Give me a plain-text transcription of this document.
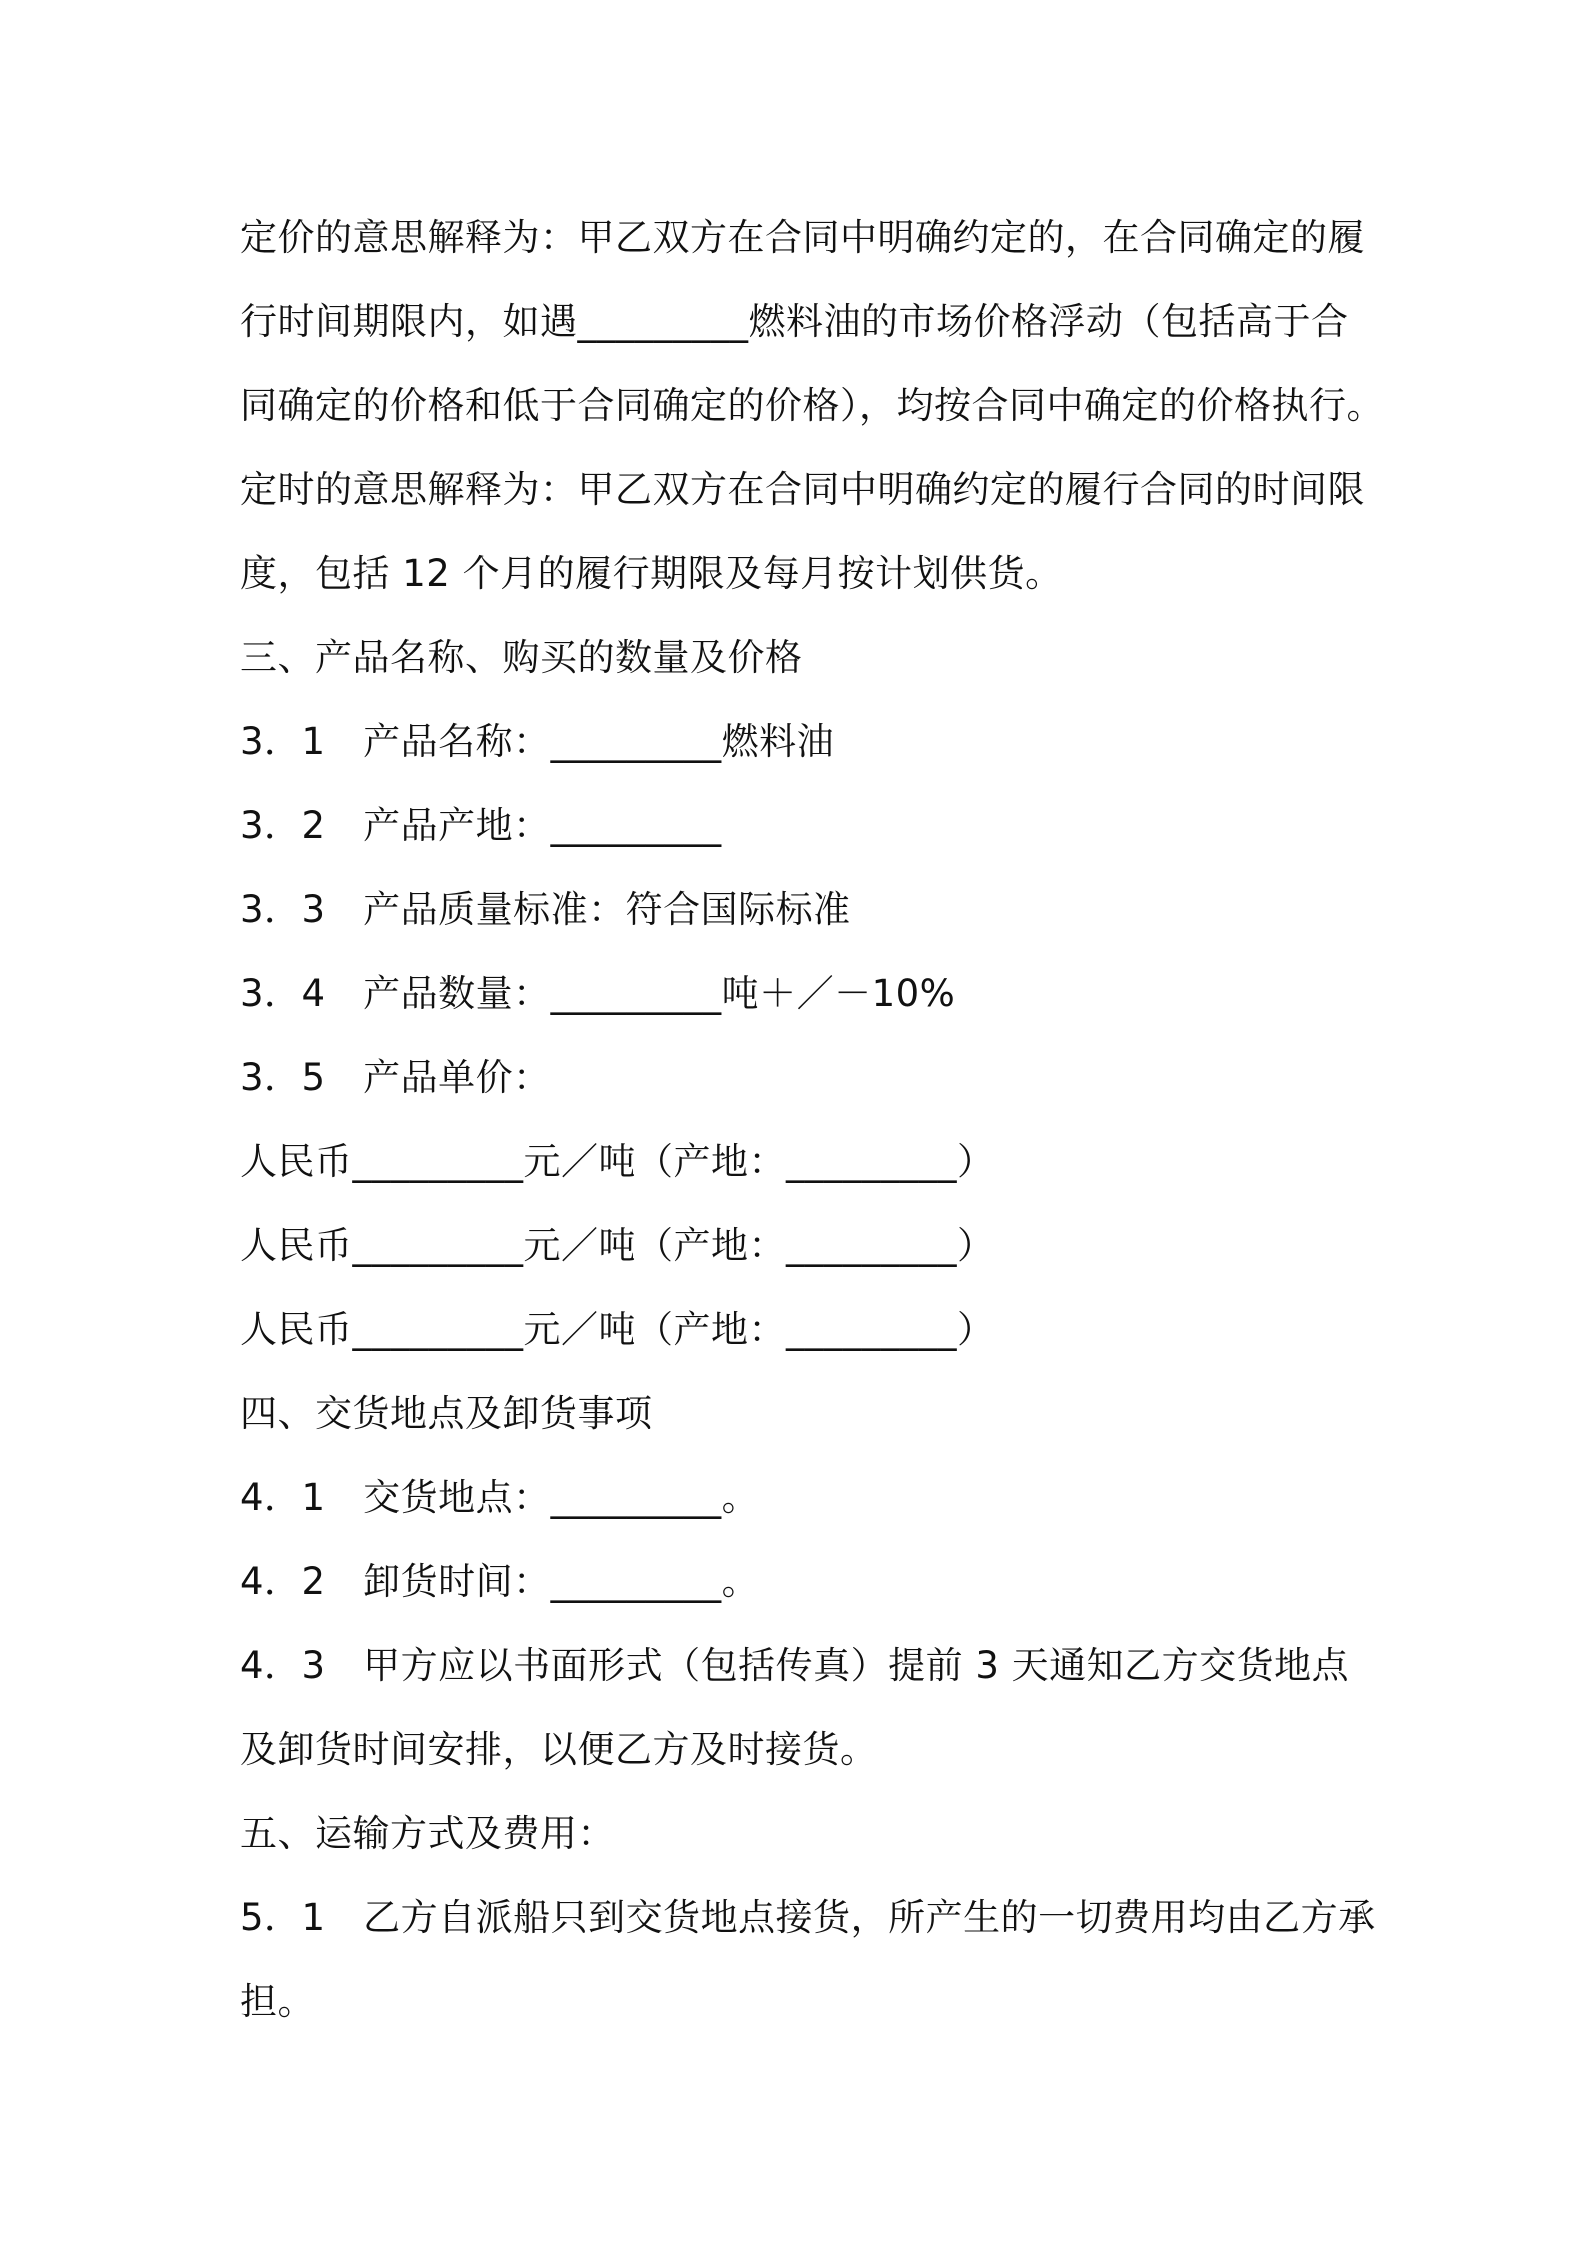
定价的意思解释为：甲乙双方在合同中明确约定的，在合同确定的履
行时间期限内，如遇_________燃料油的市场价格浮动（包括高于合
同确定的价格和低于合同确定的价格），均按合同中确定的价格执行。
定时的意思解释为：甲乙双方在合同中明确约定的履行合同的时间限
度，包括 12 个月的履行期限及每月按计划供货。
三、产品名称、购买的数量及价格
3．1　产品名称：_________燃料油
3．2　产品产地：_________
3．3　产品质量标准：符合国际标准
3．4　产品数量：_________吨＋／－10%
3．5　产品单价：
人民币_________元／吨（产地：_________）
人民币_________元／吨（产地：_________）
人民币_________元／吨（产地：_________）
四、交货地点及卸货事项
4．1　交货地点：_________。
4．2　卸货时间：_________。
4．3　甲方应以书面形式（包括传真）提前 3 天通知乙方交货地点
及卸货时间安排，以便乙方及时接货。
五、运输方式及费用：
5．1　乙方自派船只到交货地点接货，所产生的一切费用均由乙方承
担。
